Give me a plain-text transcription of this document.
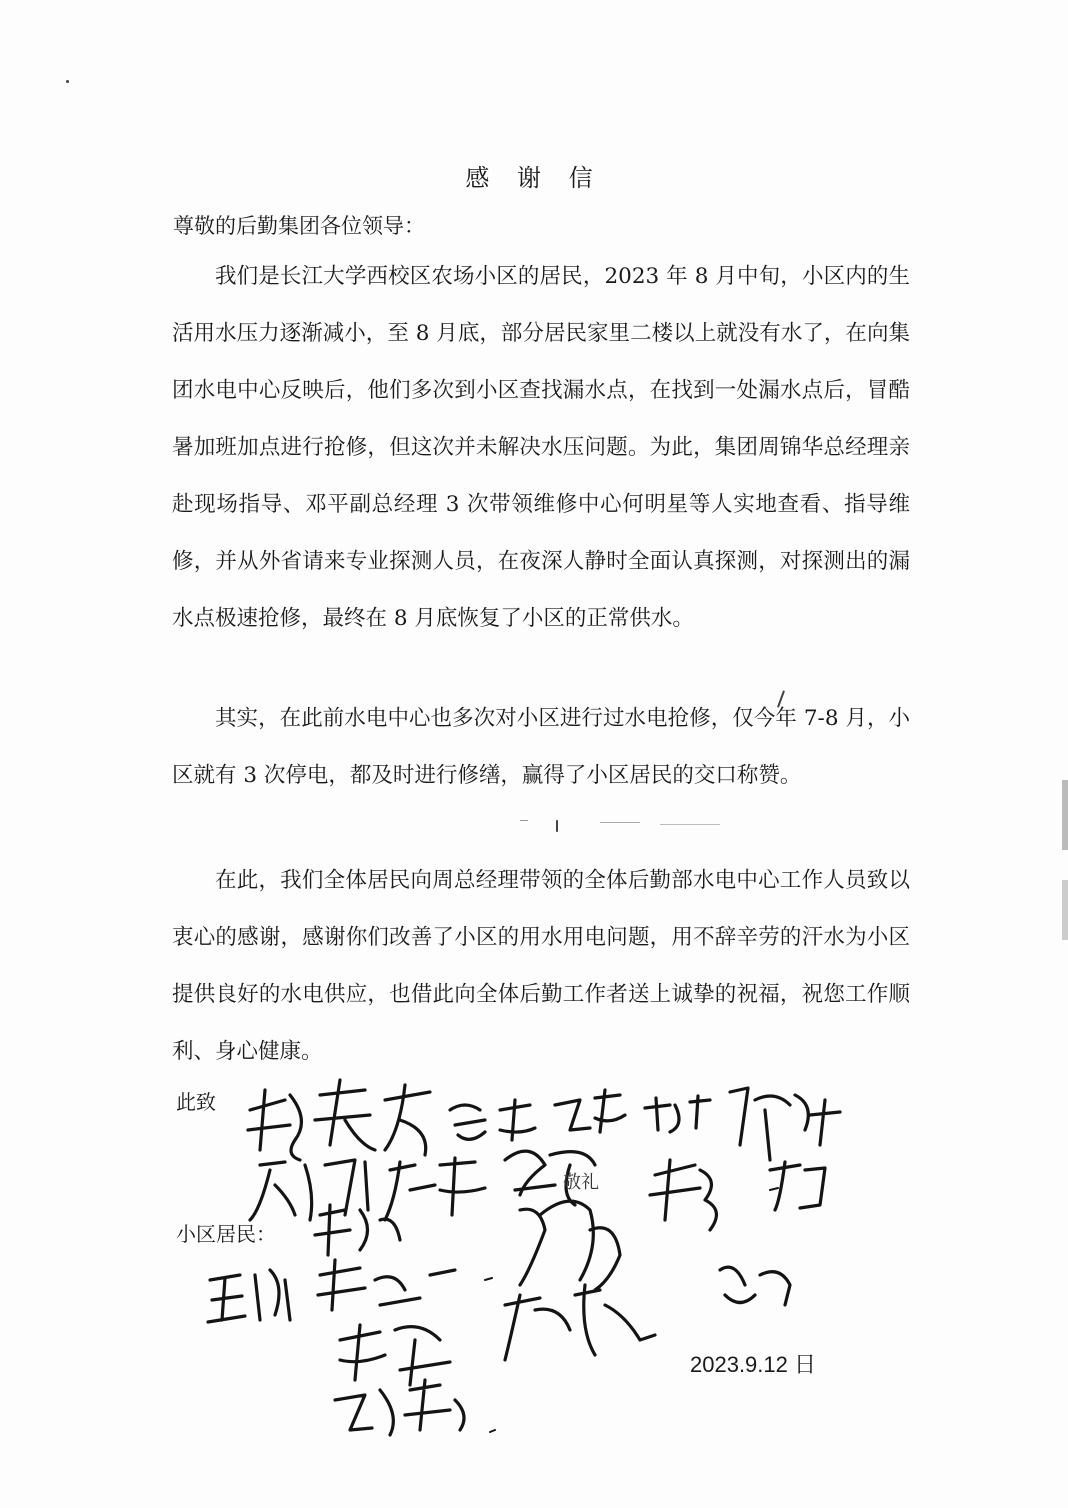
感 谢 信
尊敬的后勤集团各位领导：

我们是长江大学西校区农场小区的居民，2023 年 8 月中旬，小区内的生活用水压力逐渐减小，至 8 月底，部分居民家里二楼以上就没有水了，在向集团水电中心反映后，他们多次到小区查找漏水点，在找到一处漏水点后，冒酷暑加班加点进行抢修，但这次并未解决水压问题。为此，集团周锦华总经理亲赴现场指导、邓平副总经理 3 次带领维修中心何明星等人实地查看、指导维修，并从外省请来专业探测人员，在夜深人静时全面认真探测，对探测出的漏水点极速抢修，最终在 8 月底恢复了小区的正常供水。

其实，在此前水电中心也多次对小区进行过水电抢修，仅今年 7-8 月，小区就有 3 次停电，都及时进行修缮，赢得了小区居民的交口称赞。

在此，我们全体居民向周总经理带领的全体后勤部水电中心工作人员致以衷心的感谢，感谢你们改善了小区的用水用电问题，用不辞辛劳的汗水为小区提供良好的水电供应，也借此向全体后勤工作者送上诚挚的祝福，祝您工作顺利、身心健康。

此致
敬礼
小区居民：
2023.9.12 日
